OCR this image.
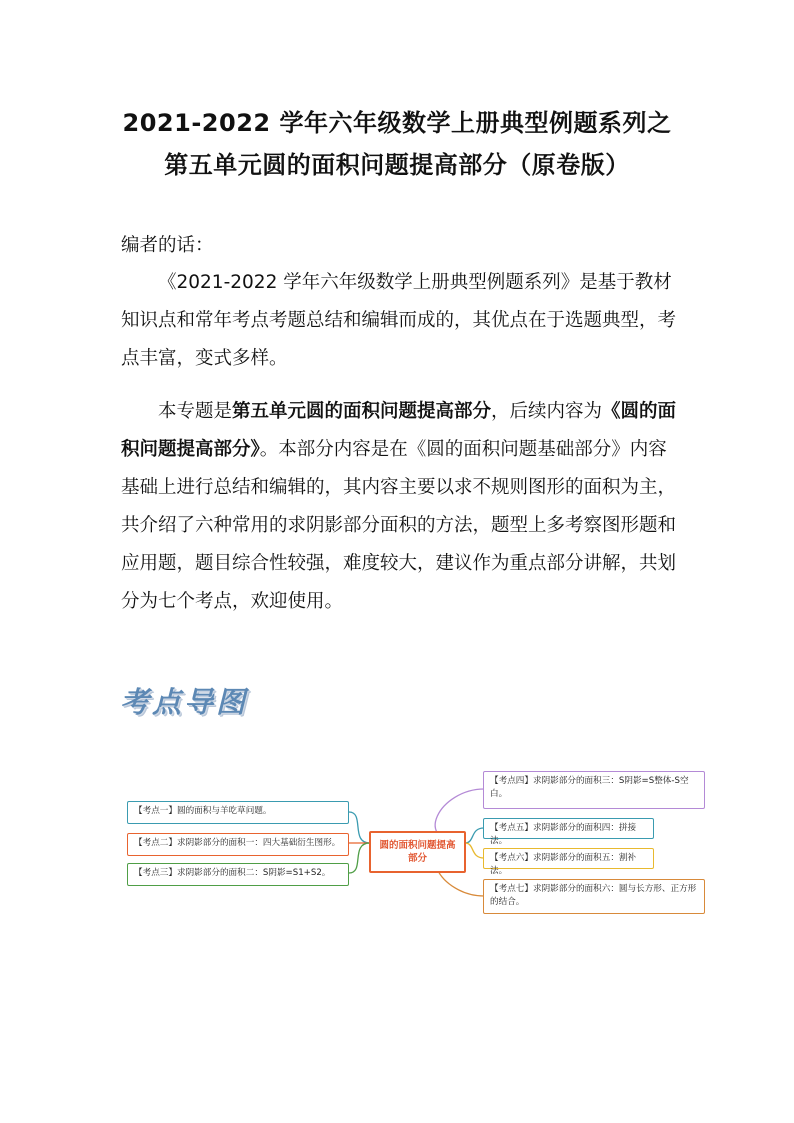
2021-2022 学年六年级数学上册典型例题系列之
第五单元圆的面积问题提高部分（原卷版）
编者的话：
《2021-2022 学年六年级数学上册典型例题系列》是基于教材知识点和常年考点考题总结和编辑而成的，其优点在于选题典型，考点丰富，变式多样。
本专题是第五单元圆的面积问题提高部分，后续内容为《圆的面积问题提高部分》。本部分内容是在《圆的面积问题基础部分》内容基础上进行总结和编辑的，其内容主要以求不规则图形的面积为主，共介绍了六种常用的求阴影部分面积的方法，题型上多考察图形题和应用题，题目综合性较强，难度较大，建议作为重点部分讲解，共划分为七个考点，欢迎使用。
考点导图
圆的面积问题提高部分
【考点一】圆的面积与羊吃草问题。
【考点二】求阴影部分的面积一：四大基础衍生图形。
【考点三】求阴影部分的面积二：S阴影=S1+S2。
【考点四】求阴影部分的面积三：S阴影=S整体-S空白。
【考点五】求阴影部分的面积四：拼接法。
【考点六】求阴影部分的面积五：割补法。
【考点七】求阴影部分的面积六：圆与长方形、正方形的结合。
